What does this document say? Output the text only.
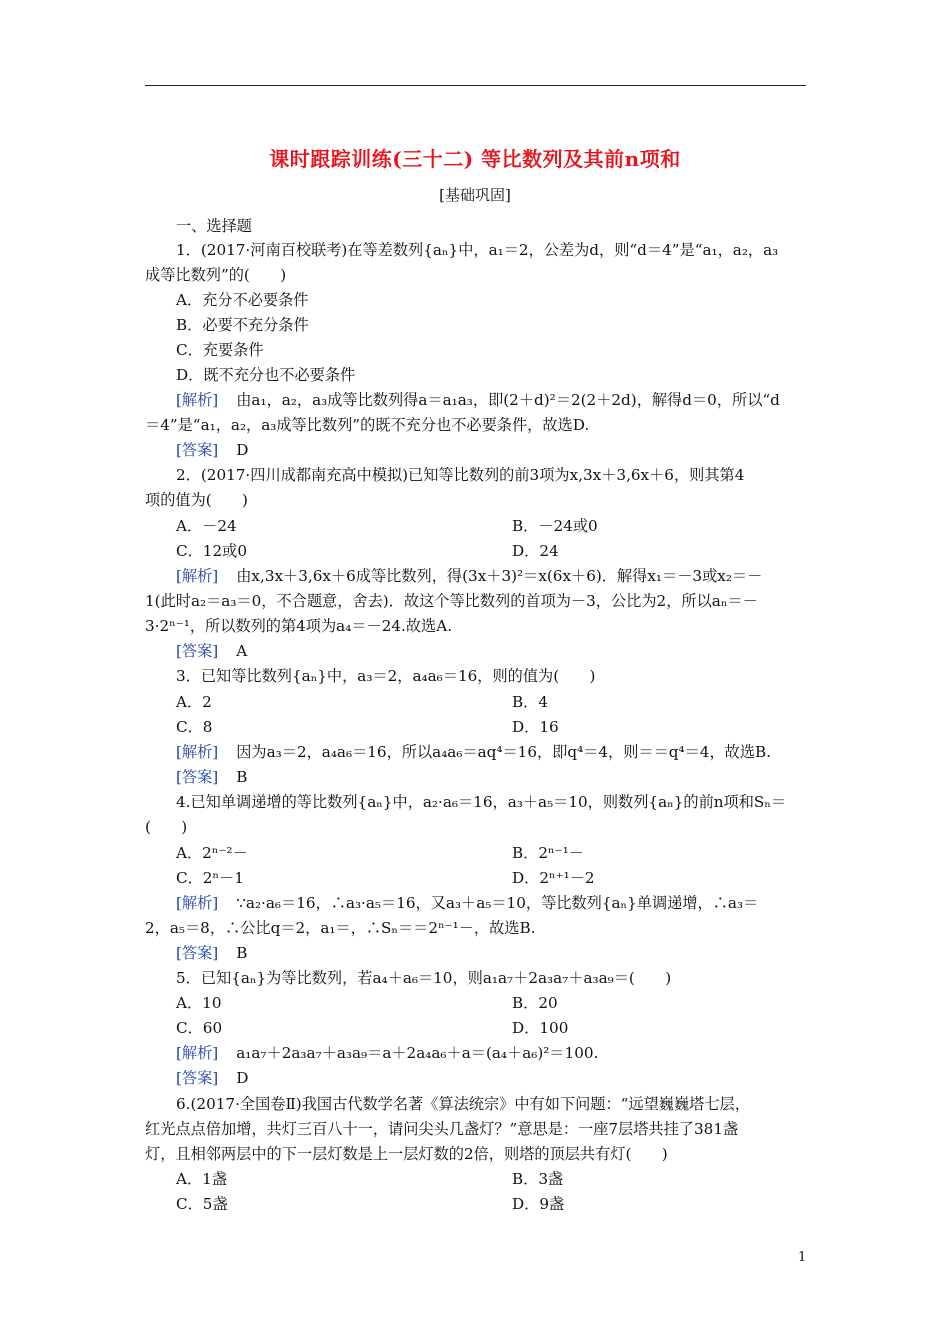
课时跟踪训练(三十二) 等比数列及其前n项和
[基础巩固]
一、选择题
1．(2017·河南百校联考)在等差数列{aₙ}中，a₁＝2，公差为d，则“d＝4”是“a₁，a₂，a₃
成等比数列”的(　　)
A．充分不必要条件
B．必要不充分条件
C．充要条件
D．既不充分也不必要条件
[解析] 由a₁，a₂，a₃成等比数列得a＝a₁a₃，即(2＋d)²＝2(2＋2d)，解得d＝0，所以“d
＝4”是“a₁，a₂，a₃成等比数列”的既不充分也不必要条件，故选D.
[答案] D
2．(2017·四川成都南充高中模拟)已知等比数列的前3项为x,3x＋3,6x＋6，则其第4
项的值为(　　)
A．－24	B．－24或0
C．12或0	D．24
[解析] 由x,3x＋3,6x＋6成等比数列，得(3x＋3)²＝x(6x＋6)．解得x₁＝－3或x₂＝－
1(此时a₂＝a₃＝0，不合题意，舍去)．故这个等比数列的首项为－3，公比为2，所以aₙ＝－
3·2ⁿ⁻¹，所以数列的第4项为a₄＝－24.故选A.
[答案] A
3．已知等比数列{aₙ}中，a₃＝2，a₄a₆＝16，则的值为(　　)
A．2	B．4
C．8	D．16
[解析] 因为a₃＝2，a₄a₆＝16，所以a₄a₆＝aq⁴＝16，即q⁴＝4，则＝＝q⁴＝4，故选B.
[答案] B
4.已知单调递增的等比数列{aₙ}中，a₂·a₆＝16，a₃＋a₅＝10，则数列{aₙ}的前n项和Sₙ＝
(　　)
A．2ⁿ⁻²－	B．2ⁿ⁻¹－
C．2ⁿ－1	D．2ⁿ⁺¹－2
[解析] ∵a₂·a₆＝16，∴a₃·a₅＝16，又a₃＋a₅＝10，等比数列{aₙ}单调递增，∴a₃＝
2，a₅＝8，∴公比q＝2，a₁＝，∴Sₙ＝＝2ⁿ⁻¹－，故选B.
[答案] B
5．已知{aₙ}为等比数列，若a₄＋a₆＝10，则a₁a₇＋2a₃a₇＋a₃a₉＝(　　)
A．10	B．20
C．60	D．100
[解析] a₁a₇＋2a₃a₇＋a₃a₉＝a＋2a₄a₆＋a＝(a₄＋a₆)²＝100.
[答案] D
6.(2017·全国卷Ⅱ)我国古代数学名著《算法统宗》中有如下问题：“远望巍巍塔七层，
红光点点倍加增，共灯三百八十一，请问尖头几盏灯？”意思是：一座7层塔共挂了381盏
灯，且相邻两层中的下一层灯数是上一层灯数的2倍，则塔的顶层共有灯(　　)
A．1盏	B．3盏
C．5盏	D．9盏
1
